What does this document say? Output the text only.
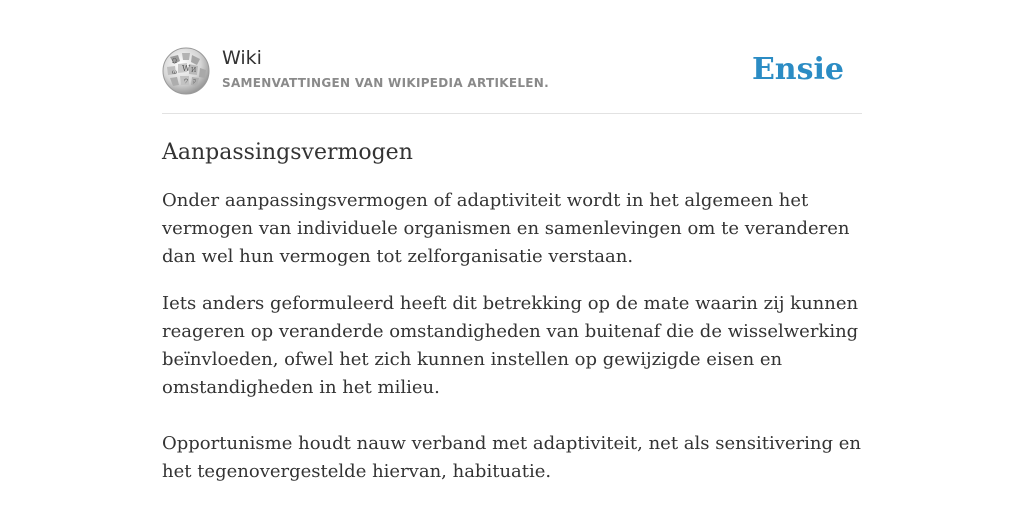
Ω
W И
ω
ウ ק

Wiki

SAMENVATTINGEN VAN WIKIPEDIA ARTIKELEN.	Ensie
Aanpassingsvermogen

Onder aanpassingsvermogen of adaptiviteit wordt in het algemeen het vermogen van individuele organismen en samenlevingen om te veranderen dan wel hun vermogen tot zelforganisatie verstaan.

Iets anders geformuleerd heeft dit betrekking op de mate waarin zij kunnen reageren op veranderde omstandigheden van buitenaf die de wisselwerking beïnvloeden, ofwel het zich kunnen instellen op gewijzigde eisen en omstandigheden in het milieu.

Opportunisme houdt nauw verband met adaptiviteit, net als sensitivering en het tegenovergestelde hiervan, habituatie.
